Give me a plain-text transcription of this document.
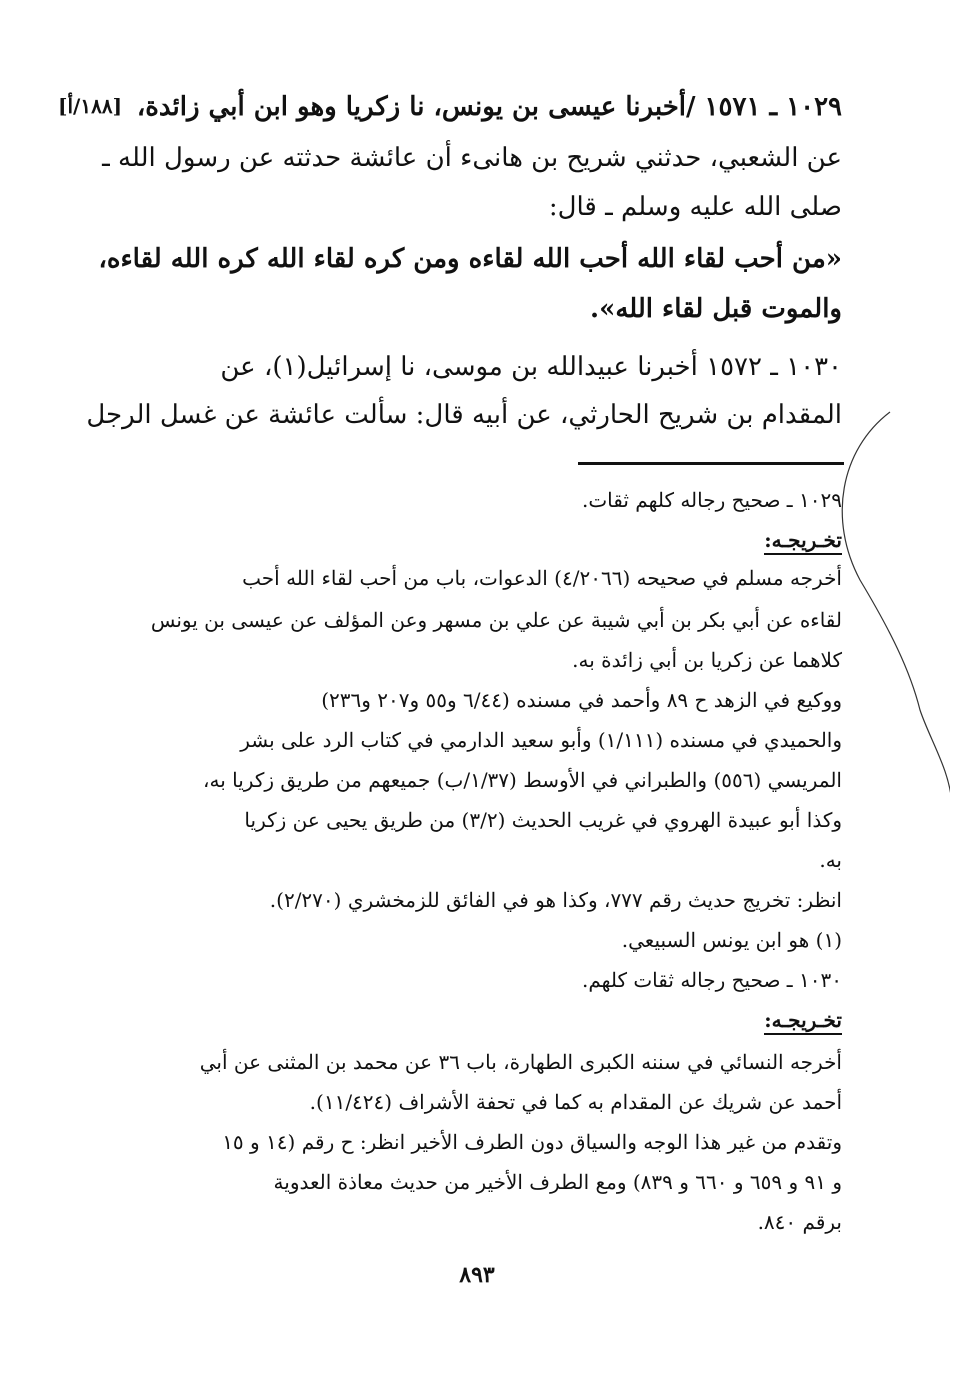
[١٨٨/أ] ١٠٢٩ ـ ١٥٧١ /أخبرنا عيسى بن يونس، نا زكريا وهو ابن أبي زائدة،
عن الشعبي، حدثني شريح بن هانىء أن عائشة حدثته عن رسول الله ـ
صلى الله عليه وسلم ـ قال:
«من أحب لقاء الله أحب الله لقاءه ومن كره لقاء الله كره الله لقاءه،
والموت قبل لقاء الله».
١٠٣٠ ـ ١٥٧٢ أخبرنا عبيدالله بن موسى، نا إسرائيل(١)، عن
المقدام بن شريح الحارثي، عن أبيه قال: سألت عائشة عن غسل الرجل
١٠٢٩ ـ صحيح رجاله كلهم ثقات.
تخـريجـه:
أخرجه مسلم في صحيحه (٤/٢٠٦٦) الدعوات، باب من أحب لقاء الله أحب
لقاءه عن أبي بكر بن أبي شيبة عن علي بن مسهر وعن المؤلف عن عيسى بن يونس
كلاهما عن زكريا بن أبي زائدة به.
ووكيع في الزهد ح ٨٩ وأحمد في مسنده (٦/٤٤ و٥٥ و٢٠٧ و٢٣٦)
والحميدي في مسنده (١/١١١) وأبو سعيد الدارمي في كتاب الرد على بشر
المريسي (٥٥٦) والطبراني في الأوسط (١/٣٧/ب) جميعهم من طريق زكريا به،
وكذا أبو عبيدة الهروي في غريب الحديث (٣/٢) من طريق يحيى عن زكريا
به.
انظر: تخريج حديث رقم ٧٧٧، وكذا هو في الفائق للزمخشري (٢/٢٧٠).
(١) هو ابن يونس السبيعي.
١٠٣٠ ـ صحيح رجاله ثقات كلهم.
تخـريجـه:
أخرجه النسائي في سننه الكبرى الطهارة، باب ٣٦ عن محمد بن المثنى عن أبي
أحمد عن شريك عن المقدام به كما في تحفة الأشراف (١١/٤٢٤).
وتقدم من غير هذا الوجه والسياق دون الطرف الأخير انظر: ح رقم (١٤ و ١٥
و ٩١ و ٦٥٩ و ٦٦٠ و ٨٣٩) ومع الطرف الأخير من حديث معاذة العدوية
برقم ٨٤٠.
٨٩٣
